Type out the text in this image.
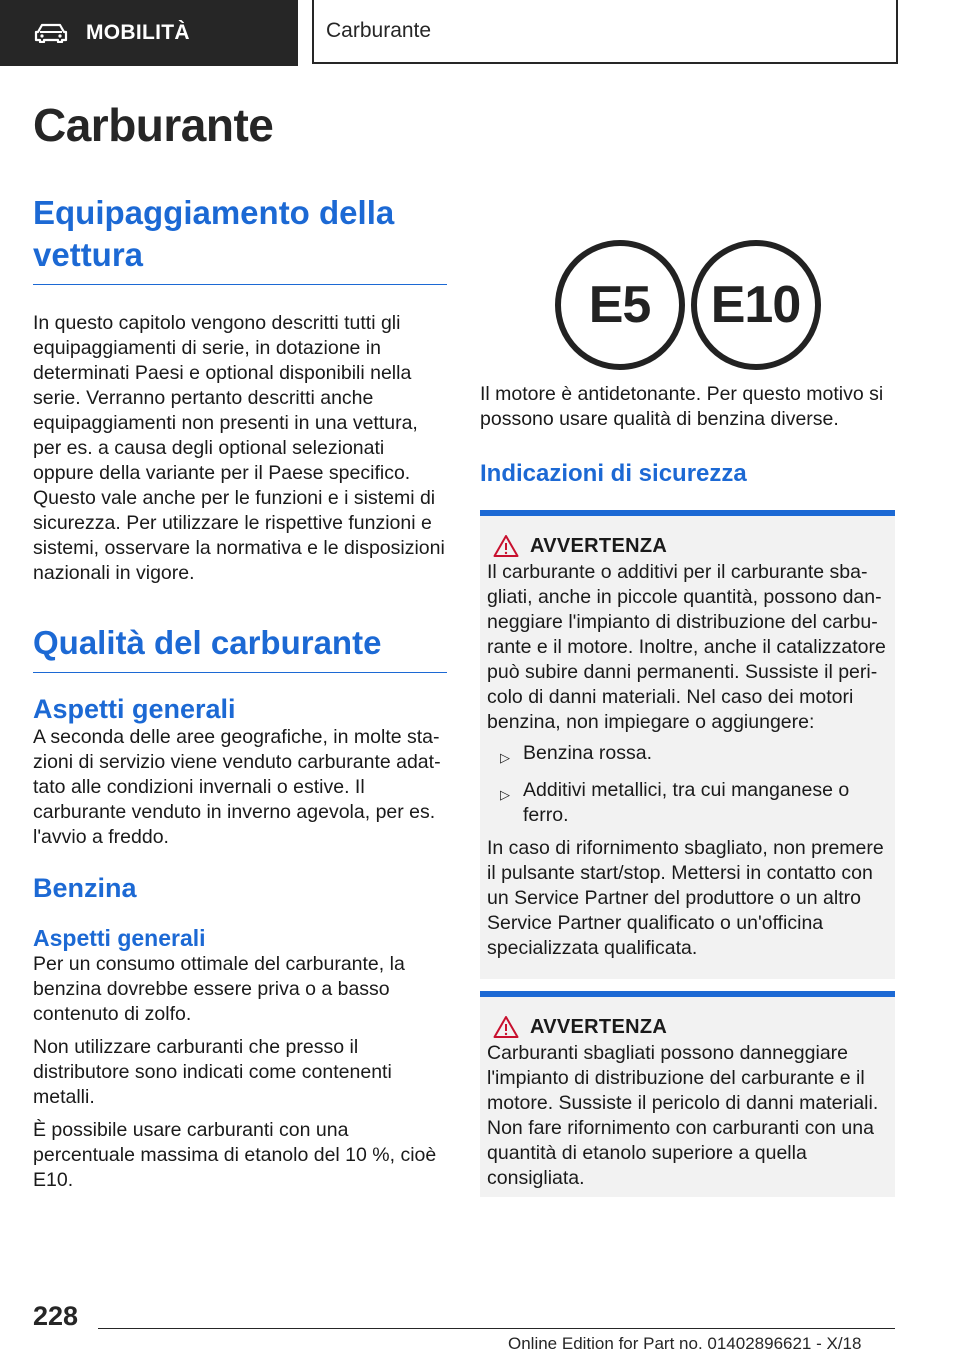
MOBILITÀ	Carburante
Carburante
Equipaggiamento della vettura

In questo capitolo vengono descritti tutti gli equipaggiamenti di serie, in dotazione in determinati Paesi e optional disponibili nella serie. Verranno pertanto descritti anche equipaggiamenti non presenti in una vettura, per es. a causa degli optional selezionati oppure della variante per il Paese specifico. Questo vale anche per le funzioni e i sistemi di sicurezza. Per utilizzare le rispettive funzioni e sistemi, osservare la normativa e le disposizioni nazionali in vigore.

Qualità del carburante
Aspetti generali

A seconda delle aree geografiche, in molte stazioni di servizio viene venduto carburante adattato alle condizioni invernali o estive. Il carburante venduto in inverno agevola, per es. l'avvio a freddo.

Benzina
Aspetti generali

Per un consumo ottimale del carburante, la benzina dovrebbe essere priva o a basso contenuto di zolfo.

Non utilizzare carburanti che presso il distributore sono indicati come contenenti metalli.

È possibile usare carburanti con una percentuale massima di etanolo del 10 %, cioè E10.

E5	E10

Il motore è antidetonante. Per questo motivo si possono usare qualità di benzina diverse.

Indicazioni di sicurezza
AVVERTENZA

Il carburante o additivi per il carburante sbagliati, anche in piccole quantità, possono danneggiare l'impianto di distribuzione del carburante e il motore. Inoltre, anche il catalizzatore può subire danni permanenti. Sussiste il pericolo di danni materiali. Nel caso dei motori benzina, non impiegare o aggiungere:

▷ Benzina rossa.
▷ Additivi metallici, tra cui manganese o ferro.

In caso di rifornimento sbagliato, non premere il pulsante start/stop. Mettersi in contatto con un Service Partner del produttore o un altro Service Partner qualificato o un'officina specializzata qualificata.

AVVERTENZA

Carburanti sbagliati possono danneggiare l'impianto di distribuzione del carburante e il motore. Sussiste il pericolo di danni materiali. Non fare rifornimento con carburanti con una quantità di etanolo superiore a quella consigliata.

228
Online Edition for Part no. 01402896621 - X/18
